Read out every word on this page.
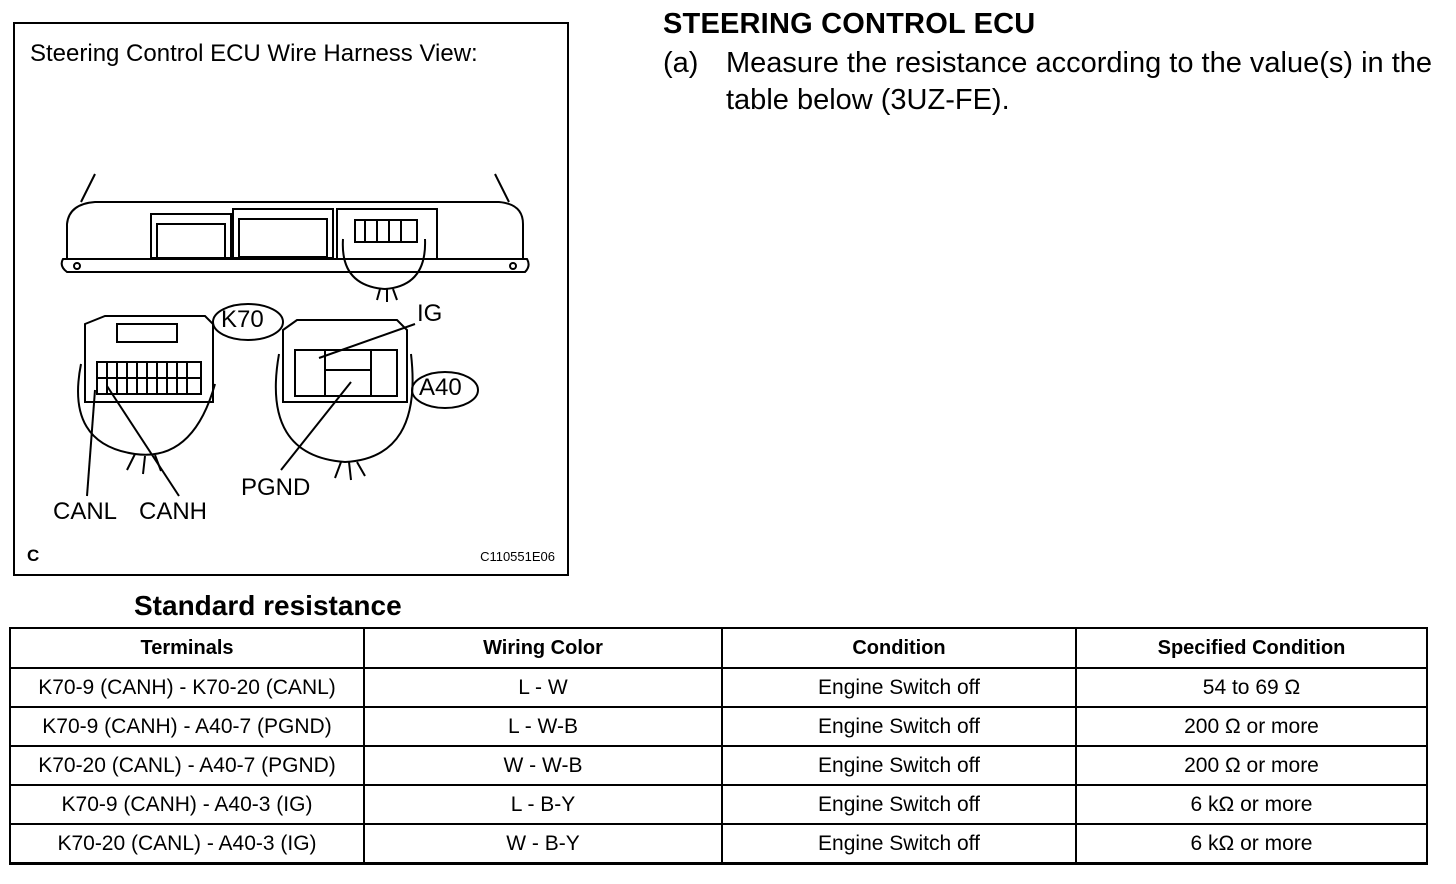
Steering Control ECU Wire Harness View:
K70
A40
IG
PGND
CANL CANH
C	C110551E06
STEERING CONTROL ECU
(a) Measure the resistance according to the value(s) in the table below (3UZ-FE).
Standard resistance
Terminals	Wiring Color	Condition	Specified Condition
K70-9 (CANH) - K70-20 (CANL)	L - W	Engine Switch off	54 to 69 Ω
K70-9 (CANH) - A40-7 (PGND)	L - W-B	Engine Switch off	200 Ω or more
K70-20 (CANL) - A40-7 (PGND)	W - W-B	Engine Switch off	200 Ω or more
K70-9 (CANH) - A40-3 (IG)	L - B-Y	Engine Switch off	6 kΩ or more
K70-20 (CANL) - A40-3 (IG)	W - B-Y	Engine Switch off	6 kΩ or more
